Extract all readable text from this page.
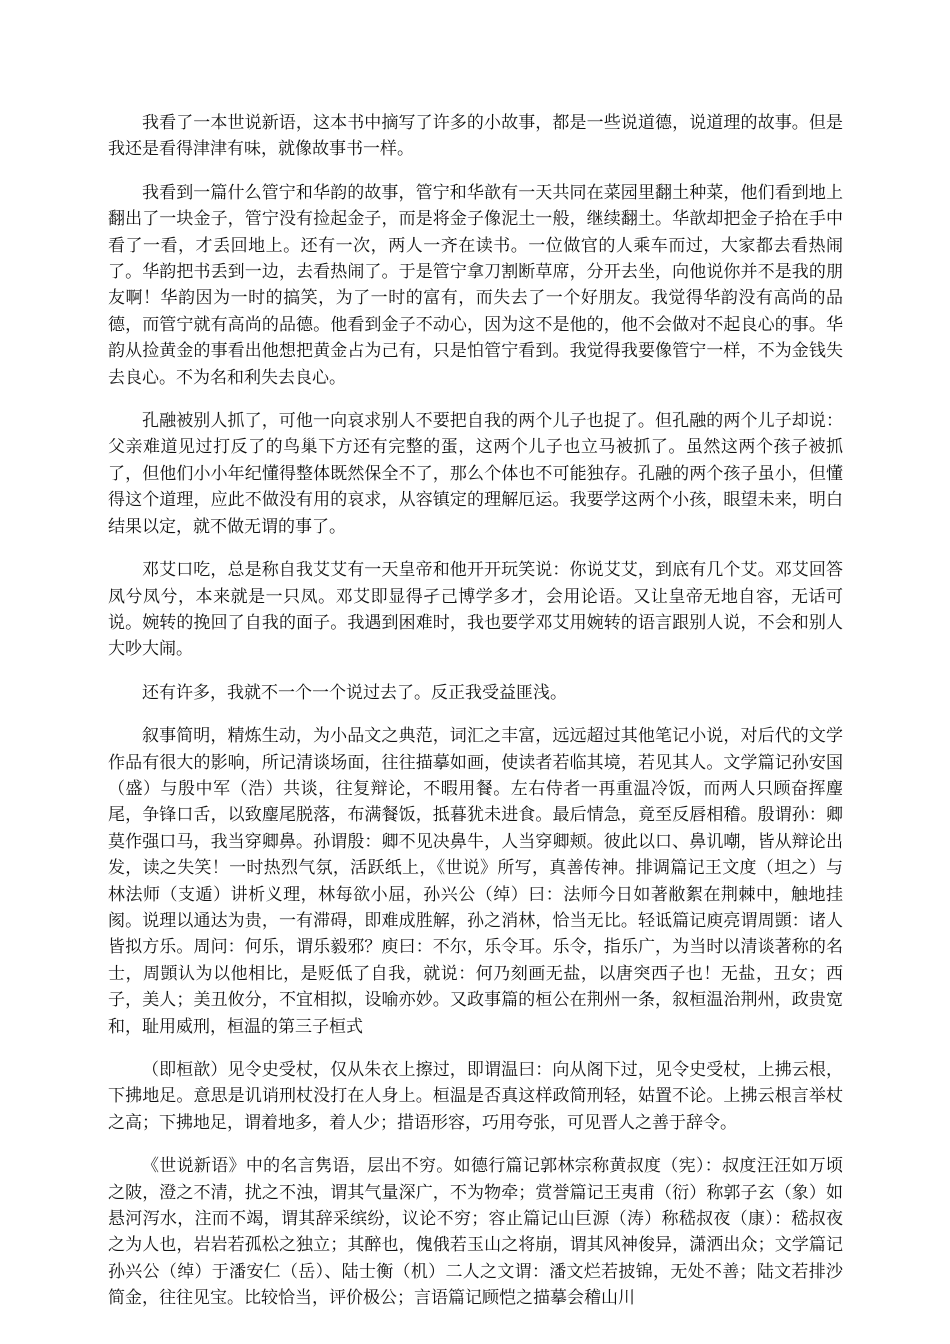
我看了一本世说新语，这本书中摘写了许多的小故事，都是一些说道德，说道理的故事。但是我还是看得津津有味，就像故事书一样。

我看到一篇什么管宁和华韵的故事，管宁和华歆有一天共同在菜园里翻土种菜，他们看到地上翻出了一块金子，管宁没有捡起金子，而是将金子像泥土一般，继续翻土。华歆却把金子拾在手中看了一看，才丢回地上。还有一次，两人一齐在读书。一位做官的人乘车而过，大家都去看热闹了。华韵把书丢到一边，去看热闹了。于是管宁拿刀割断草席，分开去坐，向他说你并不是我的朋友啊！华韵因为一时的搞笑，为了一时的富有，而失去了一个好朋友。我觉得华韵没有高尚的品德，而管宁就有高尚的品德。他看到金子不动心，因为这不是他的，他不会做对不起良心的事。华韵从捡黄金的事看出他想把黄金占为己有，只是怕管宁看到。我觉得我要像管宁一样，不为金钱失去良心。不为名和利失去良心。

孔融被别人抓了，可他一向哀求别人不要把自我的两个儿子也捉了。但孔融的两个儿子却说：父亲难道见过打反了的鸟巢下方还有完整的蛋，这两个儿子也立马被抓了。虽然这两个孩子被抓了，但他们小小年纪懂得整体既然保全不了，那么个体也不可能独存。孔融的两个孩子虽小，但懂得这个道理，应此不做没有用的哀求，从容镇定的理解厄运。我要学这两个小孩，眼望未来，明白结果以定，就不做无谓的事了。

邓艾口吃，总是称自我艾艾有一天皇帝和他开开玩笑说：你说艾艾，到底有几个艾。邓艾回答凤兮凤兮，本来就是一只凤。邓艾即显得孑己博学多才，会用论语。又让皇帝无地自容，无话可说。婉转的挽回了自我的面子。我遇到困难时，我也要学邓艾用婉转的语言跟别人说，不会和别人大吵大闹。

还有许多，我就不一个一个说过去了。反正我受益匪浅。

叙事简明，精炼生动，为小品文之典范，词汇之丰富，远远超过其他笔记小说，对后代的文学作品有很大的影响，所记清谈场面，往往描摹如画，使读者若临其境，若见其人。文学篇记孙安国（盛）与殷中军（浩）共谈，往复辩论，不暇用餐。左右侍者一再重温冷饭，而两人只顾奋挥麈尾，争锋口舌，以致麈尾脱落，布满餐饭，抵暮犹未进食。最后情急，竟至反唇相稽。殷谓孙：卿莫作强口马，我当穿卿鼻。孙谓殷：卿不见决鼻牛，人当穿卿颊。彼此以口、鼻讥嘲，皆从辩论出发，读之失笑！一时热烈气氛，活跃纸上，《世说》所写，真善传神。排调篇记王文度（坦之）与林法师（支遁）讲析义理，林每欲小屈，孙兴公（绰）曰：法师今日如著敝絮在荆棘中，触地挂阂。说理以通达为贵，一有滞碍，即难成胜解，孙之消林，恰当无比。轻诋篇记庾亮谓周顗：诸人皆拟方乐。周问：何乐，谓乐毅邪？庾曰：不尔，乐令耳。乐令，指乐广，为当时以清谈著称的名士，周顗认为以他相比，是贬低了自我，就说：何乃刻画无盐，以唐突西子也！无盐，丑女；西子，美人；美丑攸分，不宜相拟，设喻亦妙。又政事篇的桓公在荆州一条，叙桓温治荆州，政贵宽和，耻用威刑，桓温的第三子桓式

（即桓歆）见令史受杖，仅从朱衣上擦过，即谓温曰：向从阁下过，见令史受杖，上拂云根，下拂地足。意思是讥诮刑杖没打在人身上。桓温是否真这样政简刑轻，姑置不论。上拂云根言举杖之高；下拂地足，谓着地多，着人少；措语形容，巧用夸张，可见晋人之善于辞令。

《世说新语》中的名言隽语，层出不穷。如德行篇记郭林宗称黄叔度（宪）：叔度汪汪如万顷之陂，澄之不清，扰之不浊，谓其气量深广，不为物牵；赏誉篇记王夷甫（衍）称郭子玄（象）如悬河泻水，注而不竭，谓其辞采缤纷，议论不穷；容止篇记山巨源（涛）称嵇叔夜（康）：嵇叔夜之为人也，岩岩若孤松之独立；其醉也，傀俄若玉山之将崩，谓其风神俊异，潇洒出众；文学篇记孙兴公（绰）于潘安仁（岳）、陆士衡（机）二人之文谓：潘文烂若披锦，无处不善；陆文若排沙简金，往往见宝。比较恰当，评价极公；言语篇记顾恺之描摹会稽山川
